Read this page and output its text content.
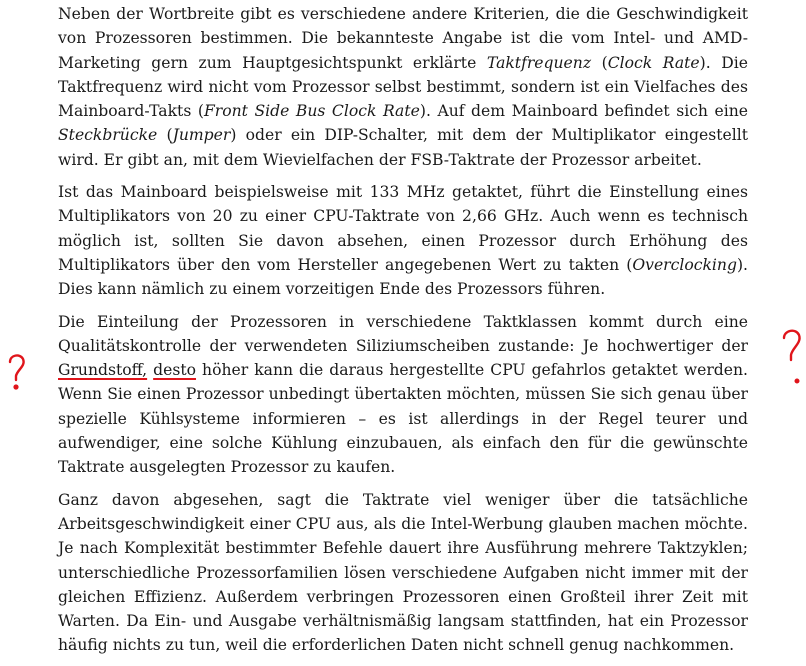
Neben der Wortbreite gibt es verschiedene andere Kriterien, die die Geschwindigkeit von Prozessoren bestimmen. Die bekannteste Angabe ist die vom Intel- und AMD-Marketing gern zum Hauptgesichtspunkt erklärte Taktfrequenz (Clock Rate). Die Taktfrequenz wird nicht vom Prozessor selbst bestimmt, sondern ist ein Vielfaches des Mainboard-Takts (Front Side Bus Clock Rate). Auf dem Mainboard befindet sich eine Steckbrücke (Jumper) oder ein DIP-Schalter, mit dem der Multiplikator eingestellt wird. Er gibt an, mit dem Wievielfachen der FSB-Taktrate der Prozessor arbeitet.

Ist das Mainboard beispielsweise mit 133 MHz getaktet, führt die Einstellung eines Multiplikators von 20 zu einer CPU-Taktrate von 2,66 GHz. Auch wenn es technisch möglich ist, sollten Sie davon absehen, einen Prozessor durch Erhöhung des Multiplikators über den vom Hersteller angegebenen Wert zu takten (Overclocking). Dies kann nämlich zu einem vorzeitigen Ende des Prozessors führen.

Die Einteilung der Prozessoren in verschiedene Taktklassen kommt durch eine Qualitätskontrolle der verwendeten Siliziumscheiben zustande: Je hochwertiger der Grundstoff, desto höher kann die daraus hergestellte CPU gefahrlos getaktet werden. Wenn Sie einen Prozessor unbedingt übertakten möchten, müssen Sie sich genau über spezielle Kühlsysteme informieren – es ist allerdings in der Regel teurer und aufwendiger, eine solche Kühlung einzubauen, als einfach den für die gewünschte Taktrate ausgelegten Prozessor zu kaufen.

Ganz davon abgesehen, sagt die Taktrate viel weniger über die tatsächliche Arbeitsgeschwindigkeit einer CPU aus, als die Intel-Werbung glauben machen möchte. Je nach Komplexität bestimmter Befehle dauert ihre Ausführung mehrere Taktzyklen; unterschiedliche Prozessorfamilien lösen verschiedene Aufgaben nicht immer mit der gleichen Effizienz. Außerdem verbringen Prozessoren einen Großteil ihrer Zeit mit Warten. Da Ein- und Ausgabe verhältnismäßig langsam stattfinden, hat ein Prozessor häufig nichts zu tun, weil die erforderlichen Daten nicht schnell genug nachkommen.
